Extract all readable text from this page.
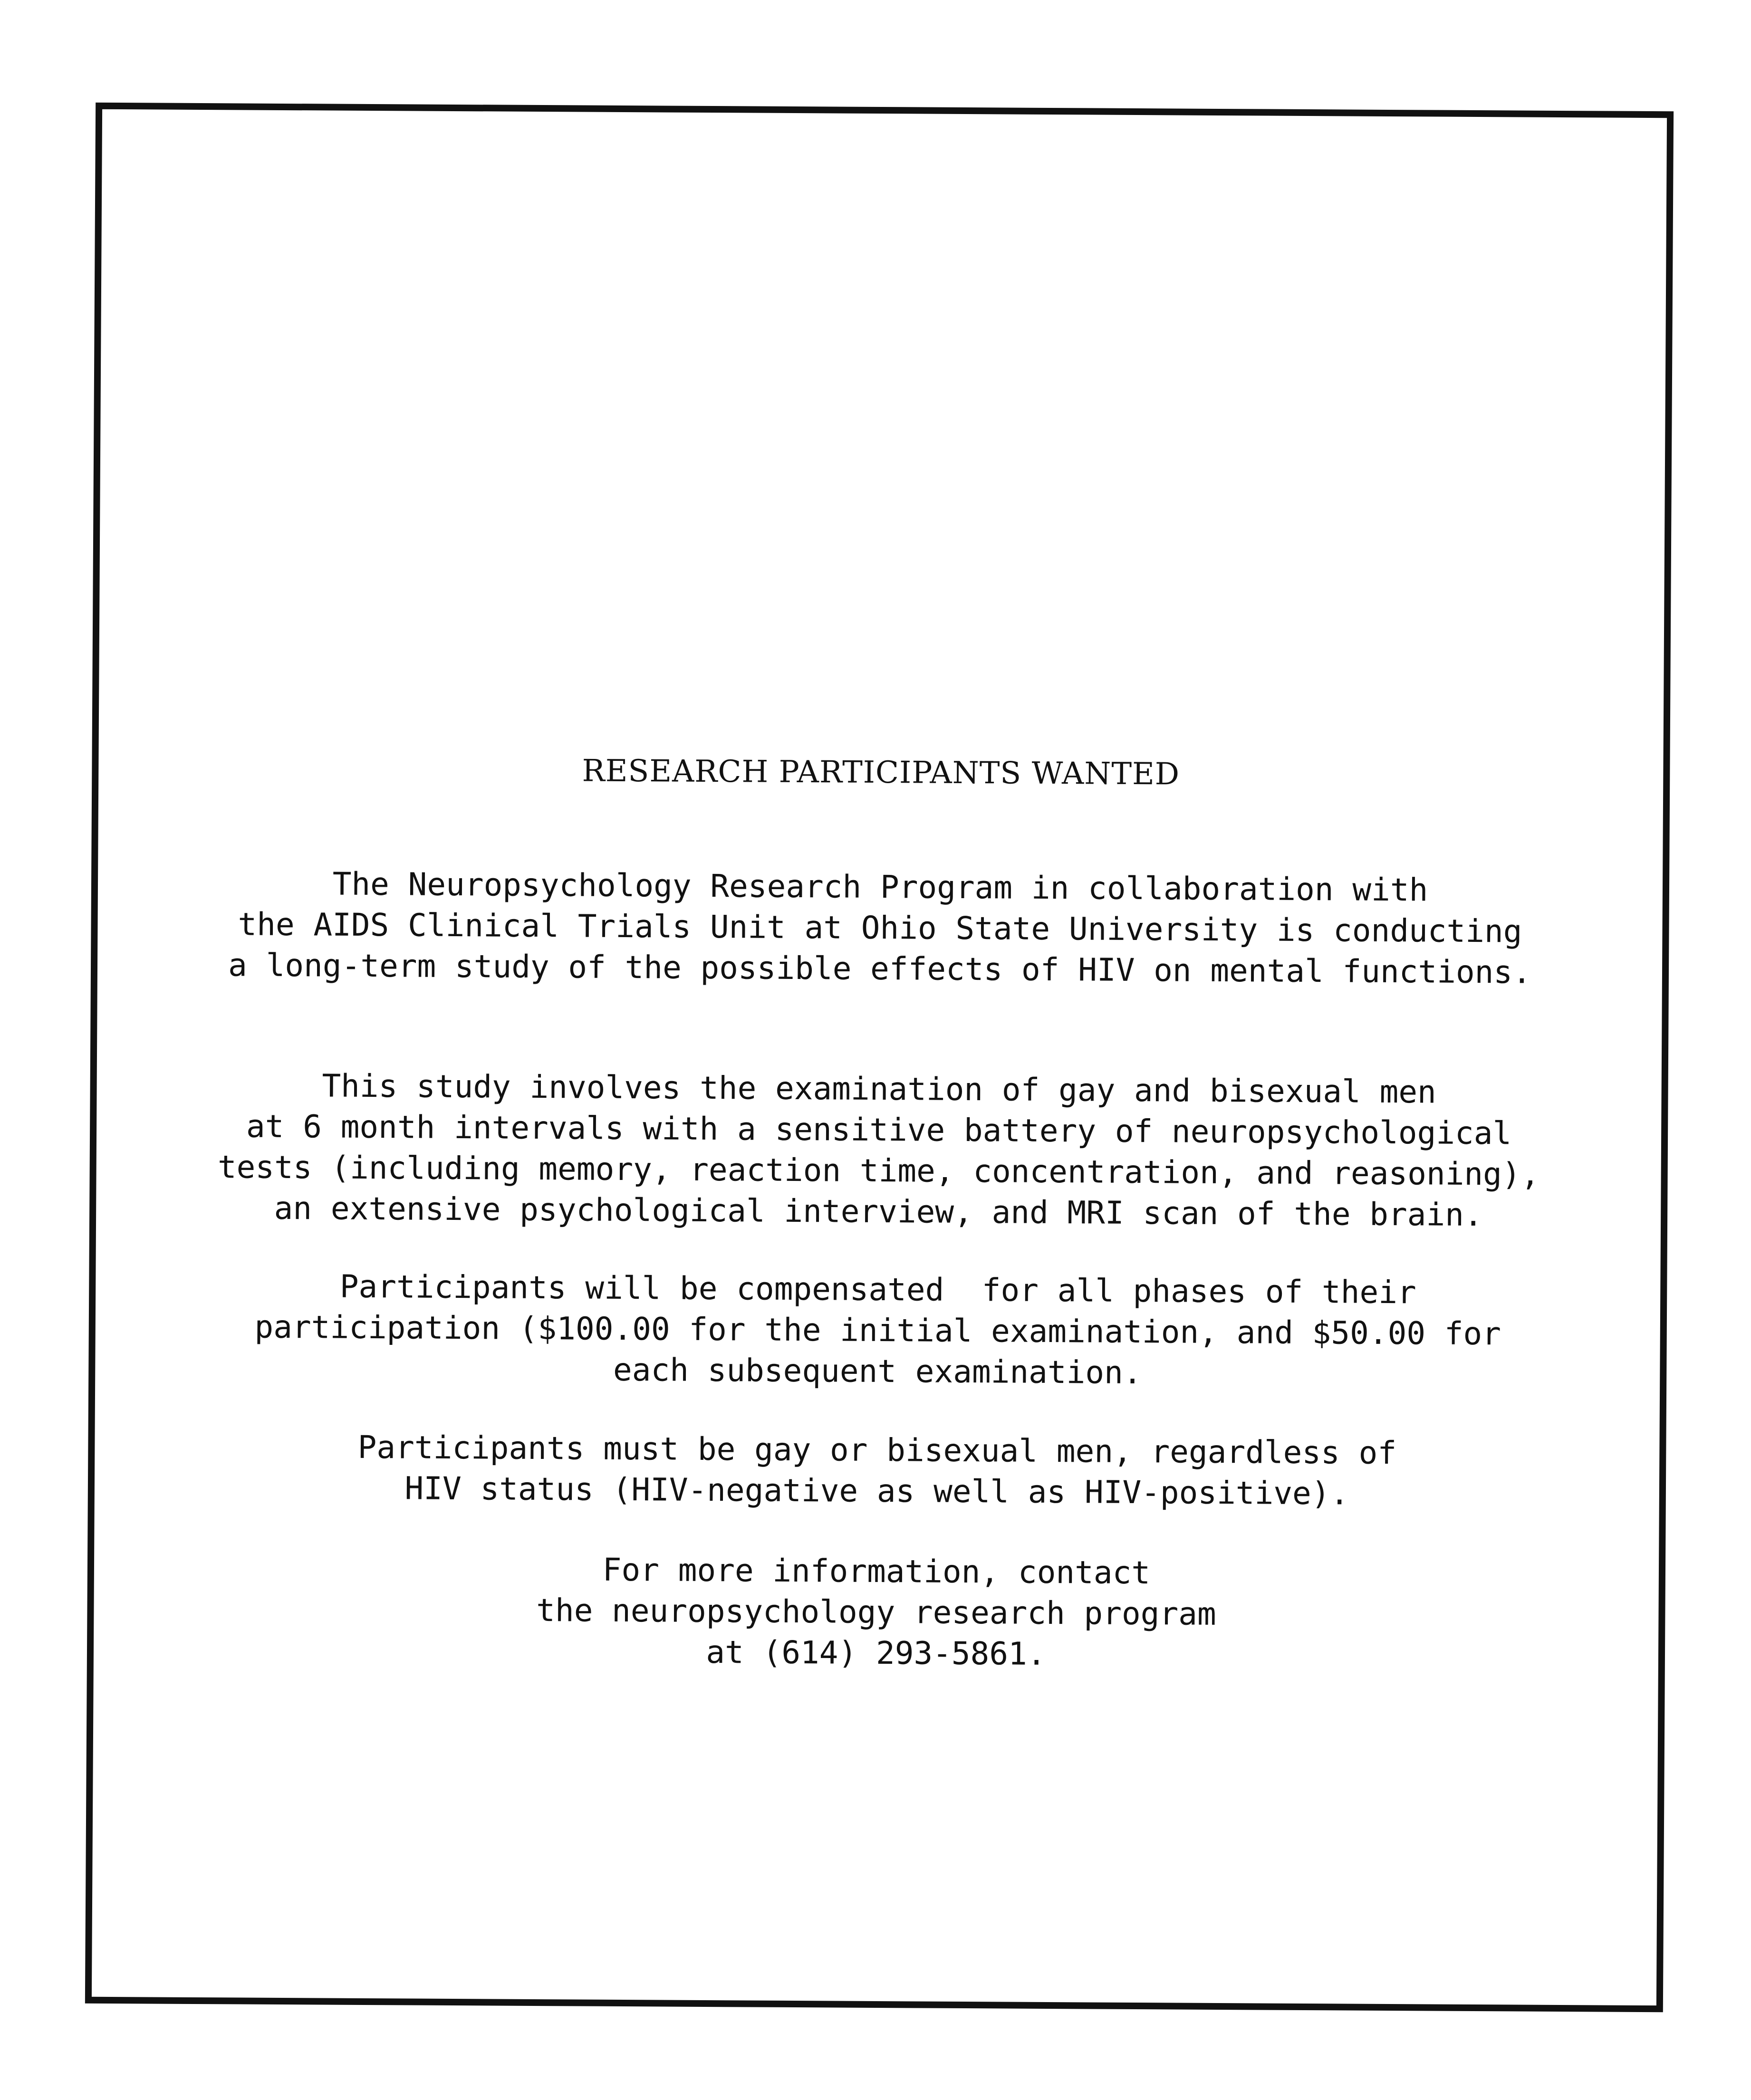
RESEARCH PARTICIPANTS WANTED
The Neuropsychology Research Program in collaboration with
the AIDS Clinical Trials Unit at Ohio State University is conducting
a long-term study of the possible effects of HIV on mental functions.
This study involves the examination of gay and bisexual men
at 6 month intervals with a sensitive battery of neuropsychological
tests (including memory, reaction time, concentration, and reasoning),
an extensive psychological interview, and MRI scan of the brain.
Participants will be compensated  for all phases of their
participation ($100.00 for the initial examination, and $50.00 for
each subsequent examination.
Participants must be gay or bisexual men, regardless of
HIV status (HIV-negative as well as HIV-positive).
For more information, contact
the neuropsychology research program
at (614) 293-5861.
